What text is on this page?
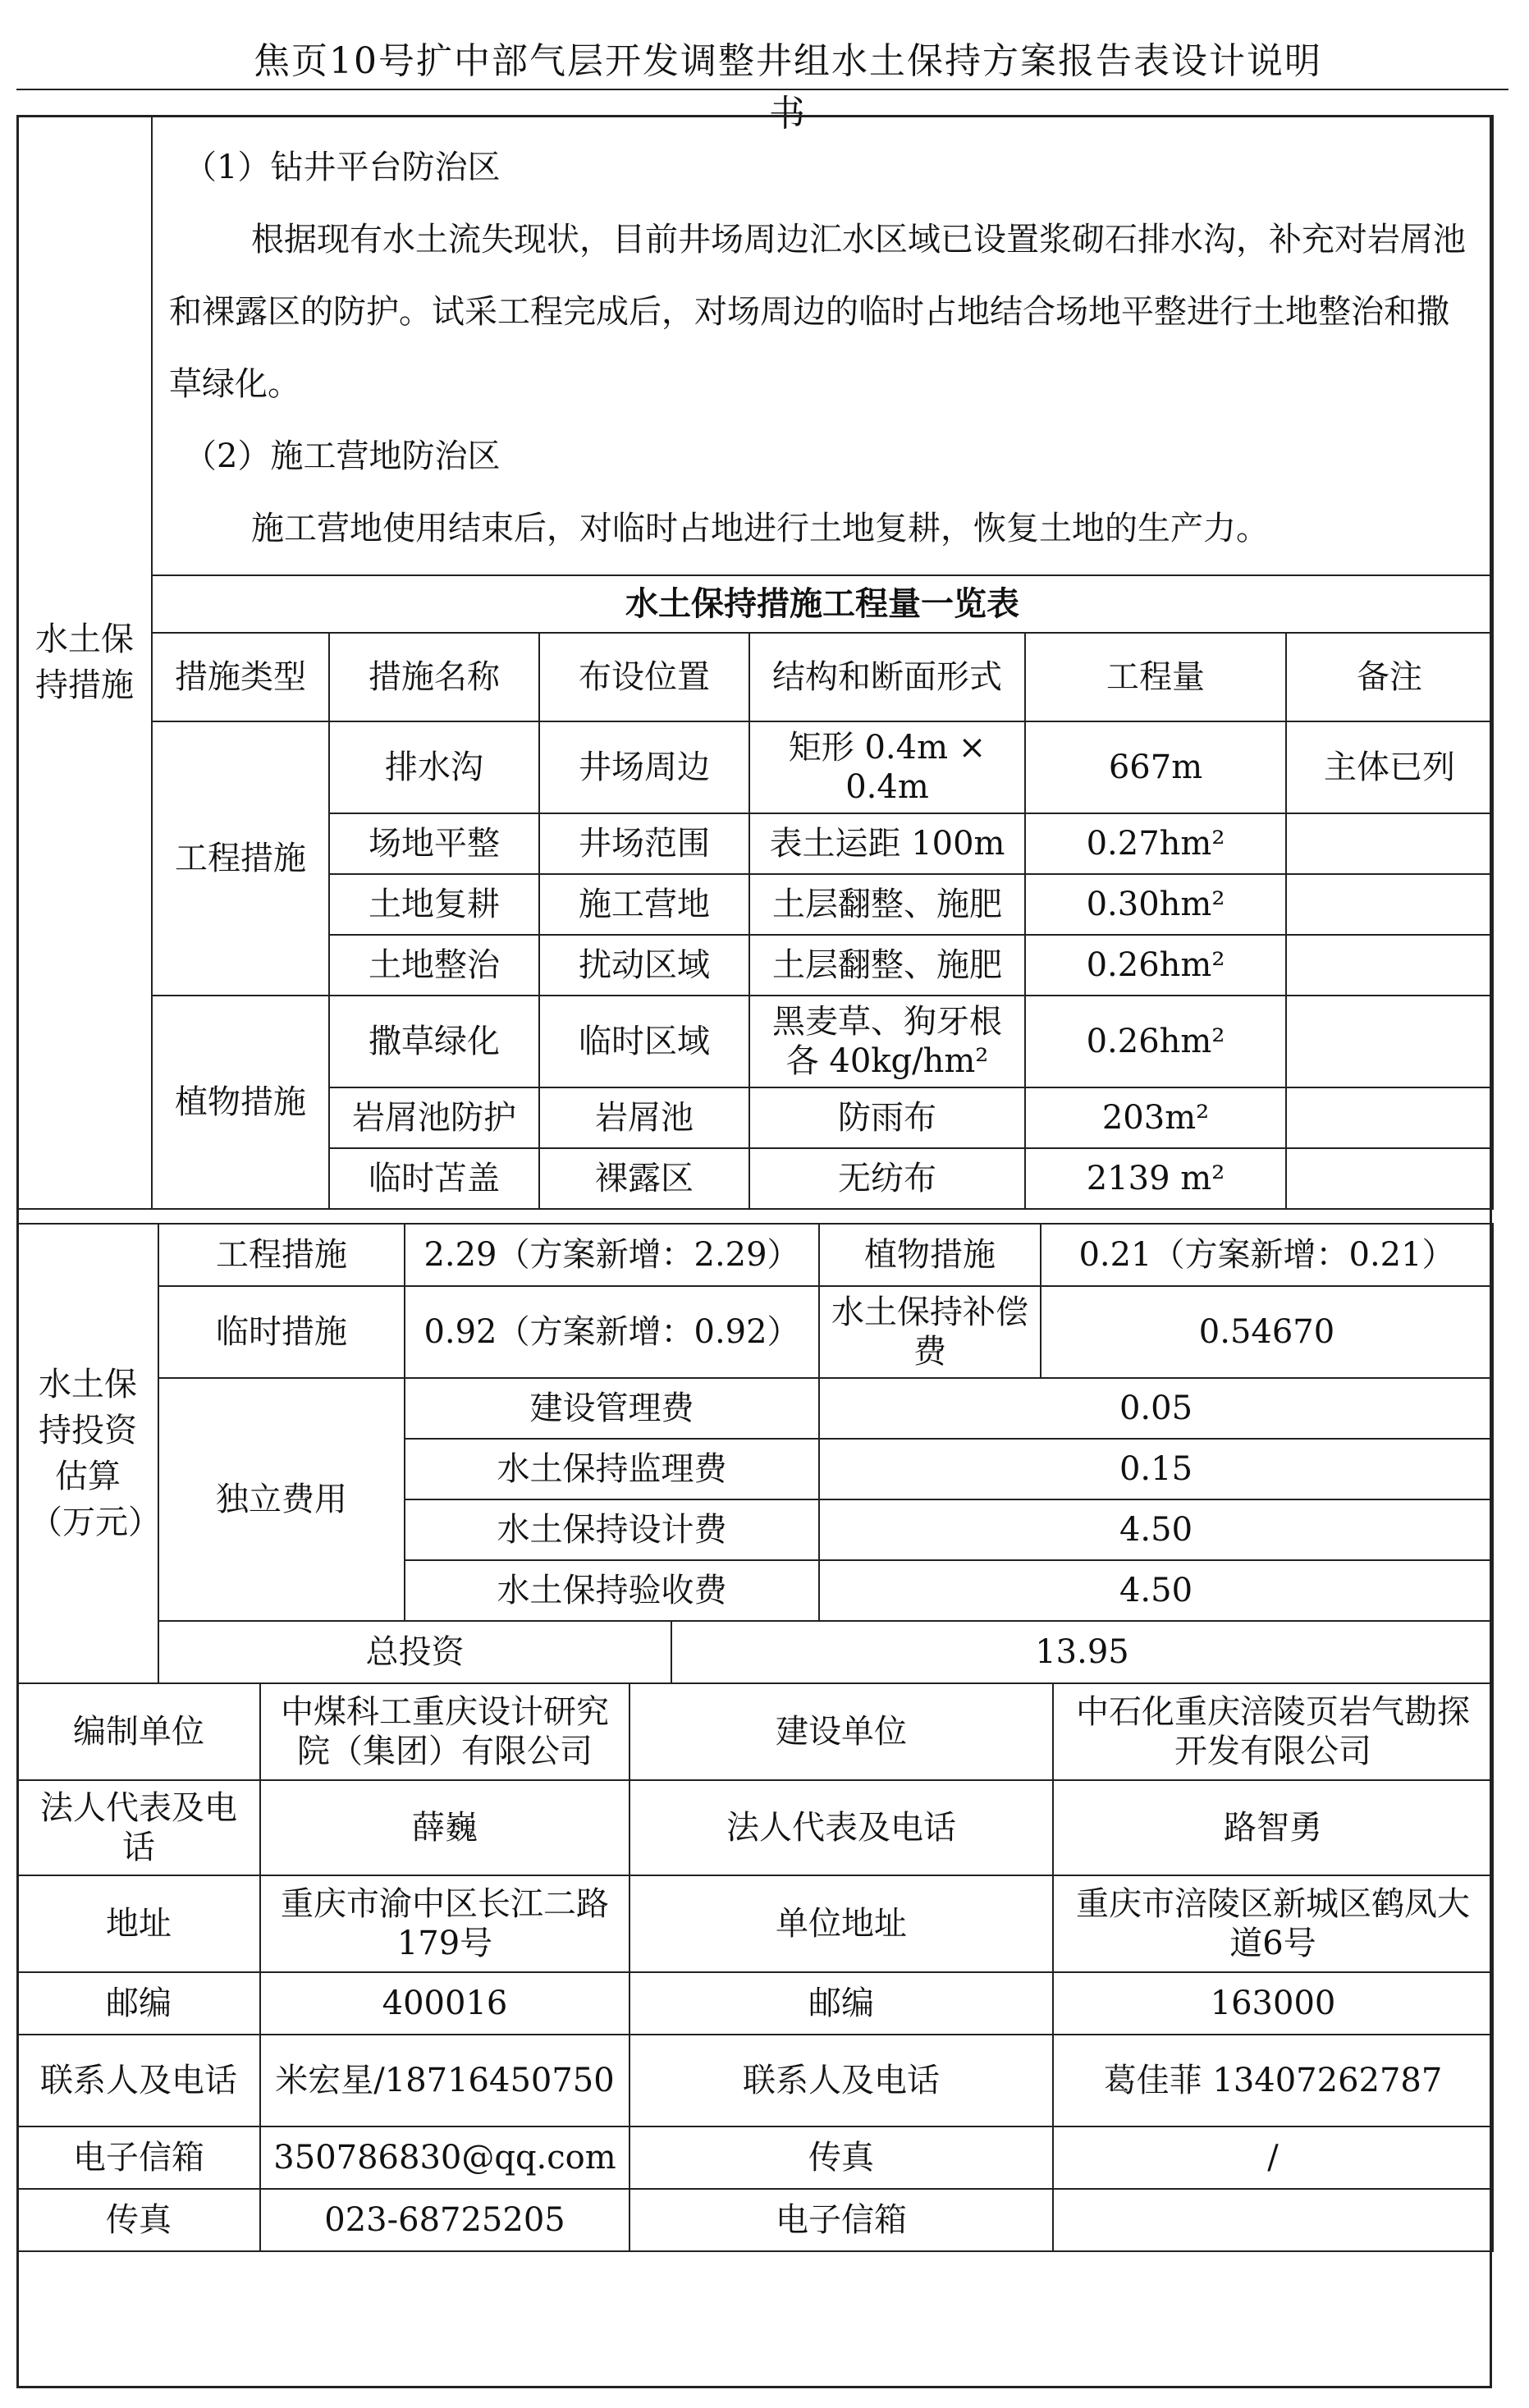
焦页10号扩中部气层开发调整井组水土保持方案报告表设计说明书
水土保持措施	（1）钻井平台防治区

根据现有水土流失现状，目前井场周边汇水区域已设置浆砌石排水沟，补充对岩屑池和裸露区的防护。试采工程完成后，对场周边的临时占地结合场地平整进行土地整治和撒草绿化。

（2）施工营地防治区

施工营地使用结束后，对临时占地进行土地复耕，恢复土地的生产力。					

	水土保持措施工程量一览表					
	措施类型	措施名称	布设位置	结构和断面形式	工程量	备注
	工程措施	排水沟	井场周边	矩形 0.4m × 0.4m	667m	主体已列
		场地平整	井场范围	表土运距 100m	0.27hm²	
		土地复耕	施工营地	土层翻整、施肥	0.30hm²	
		土地整治	扰动区域	土层翻整、施肥	0.26hm²	
	植物措施	撒草绿化	临时区域	黑麦草、狗牙根各 40kg/hm²	0.26hm²	
		岩屑池防护	岩屑池	防雨布	203m²	
		临时苫盖	裸露区	无纺布	2139 m²	
水土保持投资估算（万元）	工程措施	2.29（方案新增：2.29）		植物措施	0.21（方案新增：0.21）
	临时措施	0.92（方案新增：0.92）		水土保持补偿费	0.54670
	独立费用	建设管理费		0.05	
		水土保持监理费		0.15	
		水土保持设计费		4.50	
		水土保持验收费		4.50	
	总投资		13.95		
编制单位	中煤科工重庆设计研究院（集团）有限公司	建设单位	中石化重庆涪陵页岩气勘探开发有限公司
法人代表及电话	薛巍	法人代表及电话	路智勇
地址	重庆市渝中区长江二路179号	单位地址	重庆市涪陵区新城区鹤凤大道6号
邮编	400016	邮编	163000
联系人及电话	米宏星/18716450750	联系人及电话	葛佳菲 13407262787
电子信箱	350786830@qq.com	传真	/
传真	023-68725205	电子信箱	
